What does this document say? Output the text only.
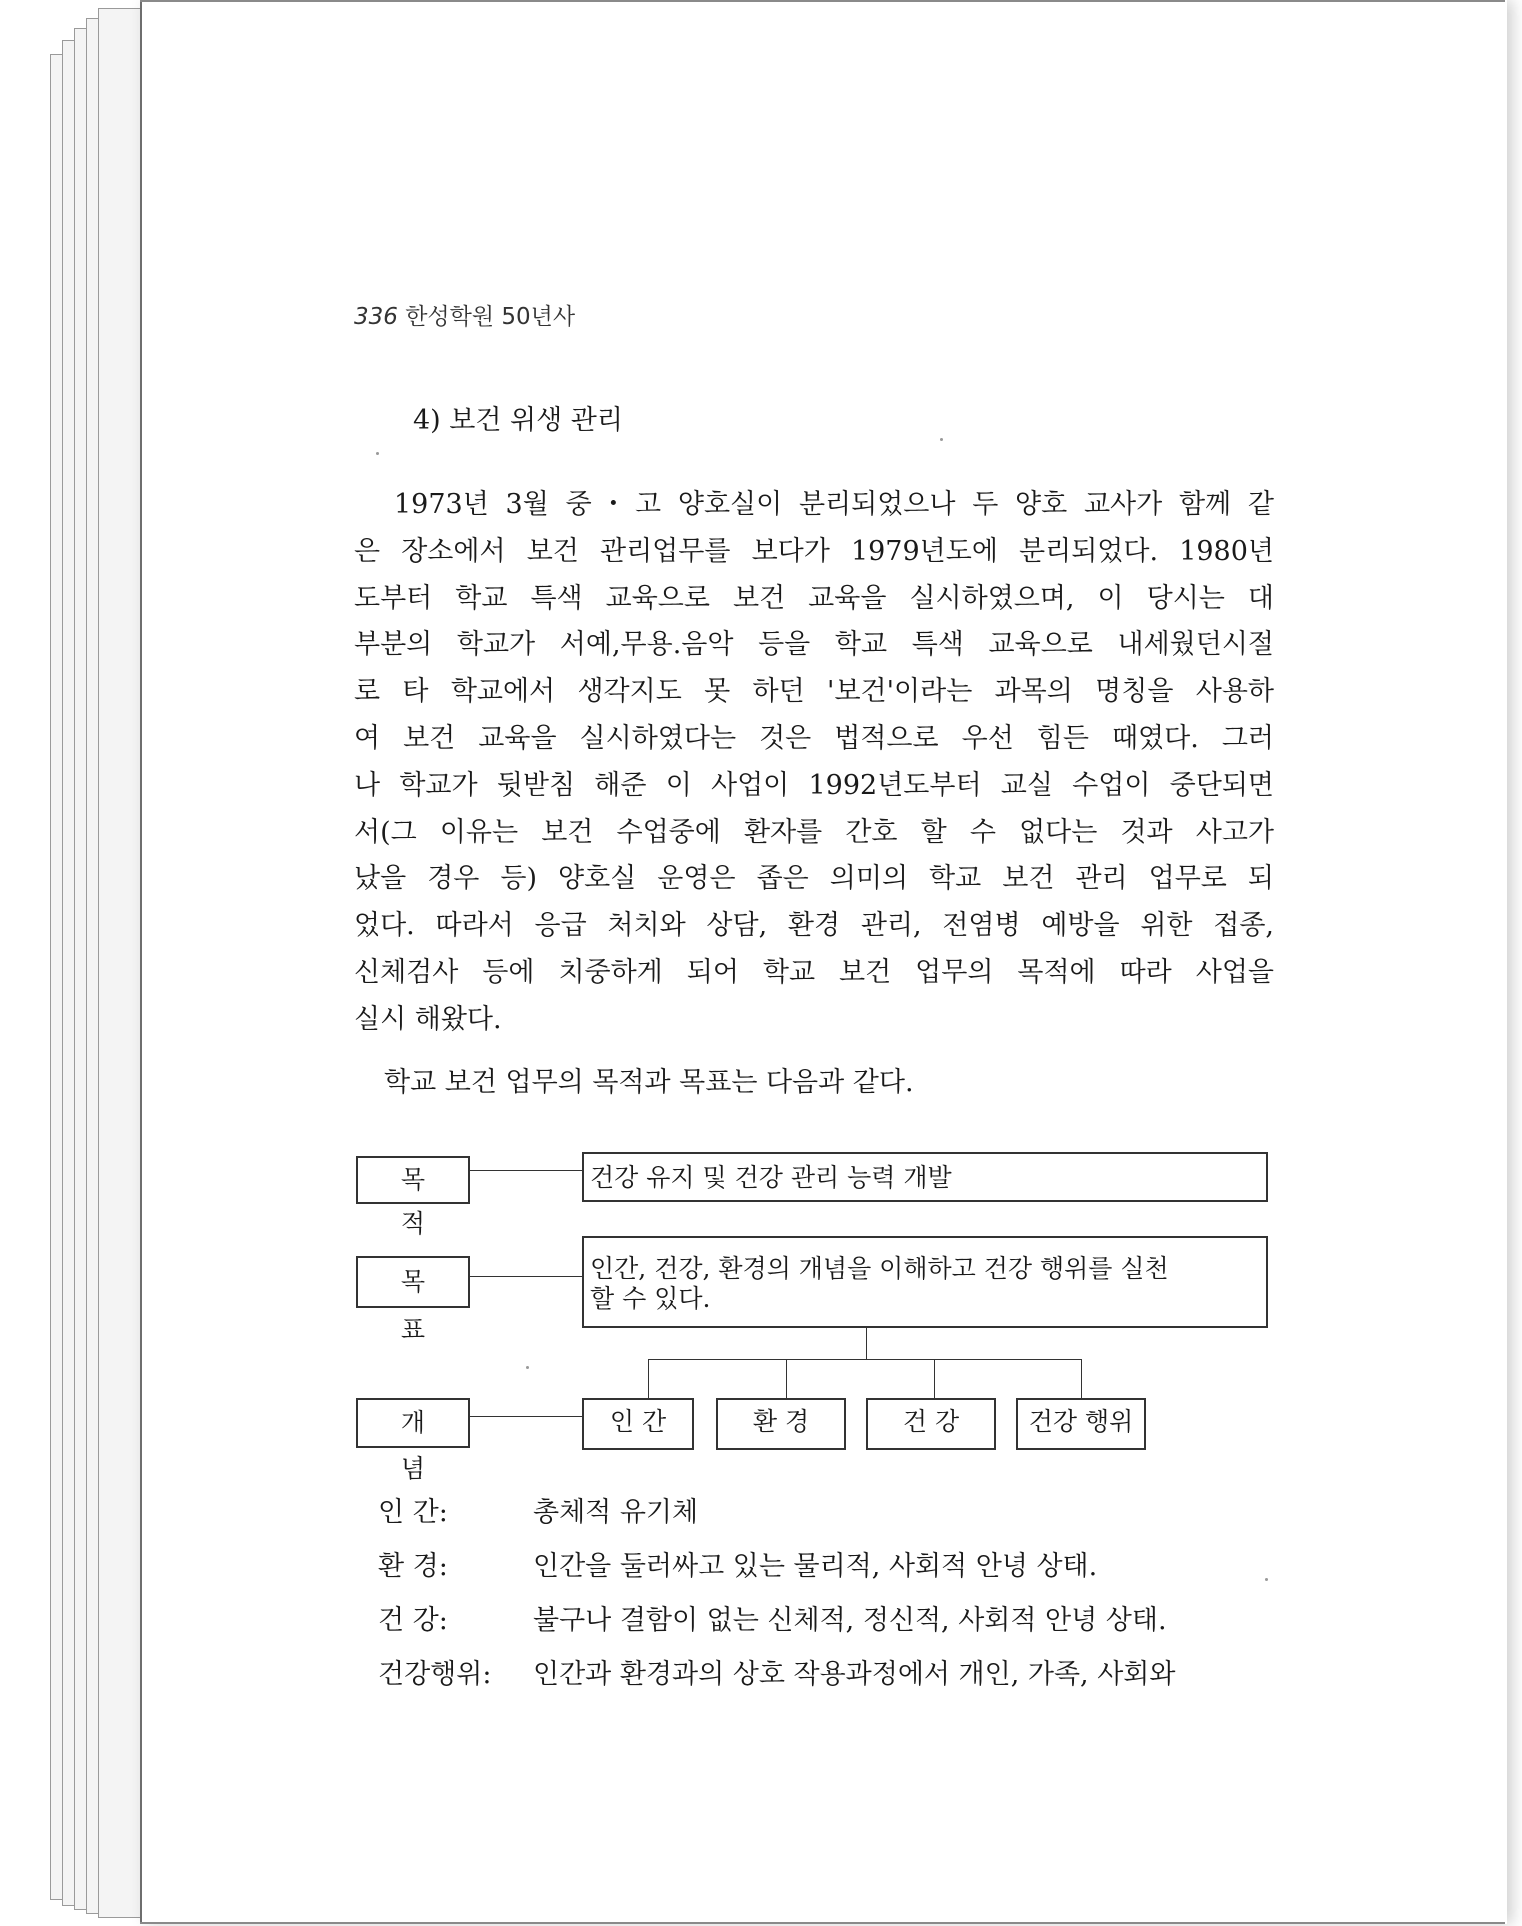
336 한성학원 50년사
4) 보건 위생 관리
1973년 3월 중・고 양호실이 분리되었으나 두 양호 교사가 함께 같
은 장소에서 보건 관리업무를 보다가 1979년도에 분리되었다. 1980년
도부터 학교 특색 교육으로 보건 교육을 실시하였으며, 이 당시는 대
부분의 학교가 서예,무용.음악 등을 학교 특색 교육으로 내세웠던시절
로 타 학교에서 생각지도 못 하던 '보건'이라는 과목의 명칭을 사용하
여 보건 교육을 실시하였다는 것은 법적으로 우선 힘든 때였다. 그러
나 학교가 뒷받침 해준 이 사업이 1992년도부터 교실 수업이 중단되면
서(그 이유는 보건 수업중에 환자를 간호 할 수 없다는 것과 사고가
났을 경우 등) 양호실 운영은 좁은 의미의 학교 보건 관리 업무로 되
었다. 따라서 응급 처치와 상담, 환경 관리, 전염병 예방을 위한 접종,
신체검사 등에 치중하게 되어 학교 보건 업무의 목적에 따라 사업을
실시 해왔다.
학교 보건 업무의 목적과 목표는 다음과 같다.
목적
건강 유지 및 건강 관리 능력 개발
목표
인간, 건강, 환경의 개념을 이해하고 건강 행위를 실천
할 수 있다.
개념
인 간	환 경	건 강	건강 행위
인 간:	총체적 유기체
환 경:	인간을 둘러싸고 있는 물리적, 사회적 안녕 상태.
건 강:	불구나 결함이 없는 신체적, 정신적, 사회적 안녕 상태.
건강행위:	인간과 환경과의 상호 작용과정에서 개인, 가족, 사회와
